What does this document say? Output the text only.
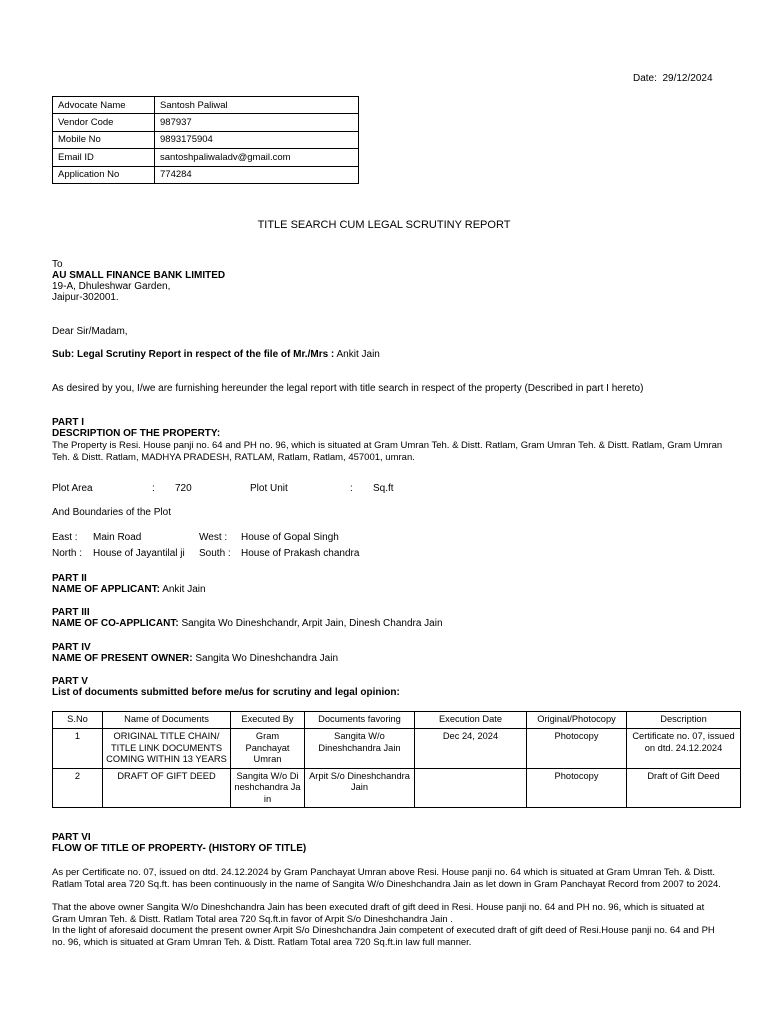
Date: 29/12/2024
Advocate Name	Santosh Paliwal
Vendor Code	987937
Mobile No	9893175904
Email ID	santoshpaliwaladv@gmail.com
Application No	774284
TITLE SEARCH CUM LEGAL SCRUTINY REPORT
To
AU SMALL FINANCE BANK LIMITED
19-A, Dhuleshwar Garden,
Jaipur-302001.
Dear Sir/Madam,
Sub: Legal Scrutiny Report in respect of the file of Mr./Mrs : Ankit Jain
As desired by you, I/we are furnishing hereunder the legal report with title search in respect of the property (Described in part I hereto)
PART I
DESCRIPTION OF THE PROPERTY:
The Property is Resi. House panji no. 64 and PH no. 96, which is situated at Gram Umran Teh. & Distt. Ratlam, Gram Umran Teh. & Distt. Ratlam, Gram Umran Teh. & Distt. Ratlam, MADHYA PRADESH, RATLAM, Ratlam, Ratlam, 457001, umran.
Plot Area	: 720	Plot Unit	: Sq.ft
And Boundaries of the Plot
East : Main Road	West : House of Gopal Singh
North : House of Jayantilal ji South : House of Prakash chandra
PART II
NAME OF APPLICANT: Ankit Jain
PART III
NAME OF CO-APPLICANT: Sangita Wo Dineshchandr, Arpit Jain, Dinesh Chandra Jain
PART IV
NAME OF PRESENT OWNER: Sangita Wo Dineshchandra Jain
PART V
List of documents submitted before me/us for scrutiny and legal opinion:
S.No	Name of Documents	Executed By	Documents favoring	Execution Date	Original/Photocopy	Description
1	ORIGINAL TITLE CHAIN/ TITLE LINK DOCUMENTS COMING WITHIN 13 YEARS	Gram Panchayat Umran	Sangita W/o Dineshchandra Jain	Dec 24, 2024	Photocopy	Certificate no. 07, issued on dtd. 24.12.2024
2	DRAFT OF GIFT DEED	Sangita W/o Dineshchandra Jain	Arpit S/o Dineshchandra Jain		Photocopy	Draft of Gift Deed
PART VI
FLOW OF TITLE OF PROPERTY- (HISTORY OF TITLE)
As per Certificate no. 07, issued on dtd. 24.12.2024 by Gram Panchayat Umran above Resi. House panji no. 64 which is situated at Gram Umran Teh. & Distt. Ratlam Total area 720 Sq.ft. has been continuously in the name of Sangita W/o Dineshchandra Jain as let down in Gram Panchayat Record from 2007 to 2024.
That the above owner Sangita W/o Dineshchandra Jain has been executed draft of gift deed in Resi. House panji no. 64 and PH no. 96, which is situated at Gram Umran Teh. & Distt. Ratlam Total area 720 Sq.ft.in favor of Arpit S/o Dineshchandra Jain .
In the light of aforesaid document the present owner Arpit S/o Dineshchandra Jain competent of executed draft of gift deed of Resi.House panji no. 64 and PH no. 96, which is situated at Gram Umran Teh. & Distt. Ratlam Total area 720 Sq.ft.in law full manner.
